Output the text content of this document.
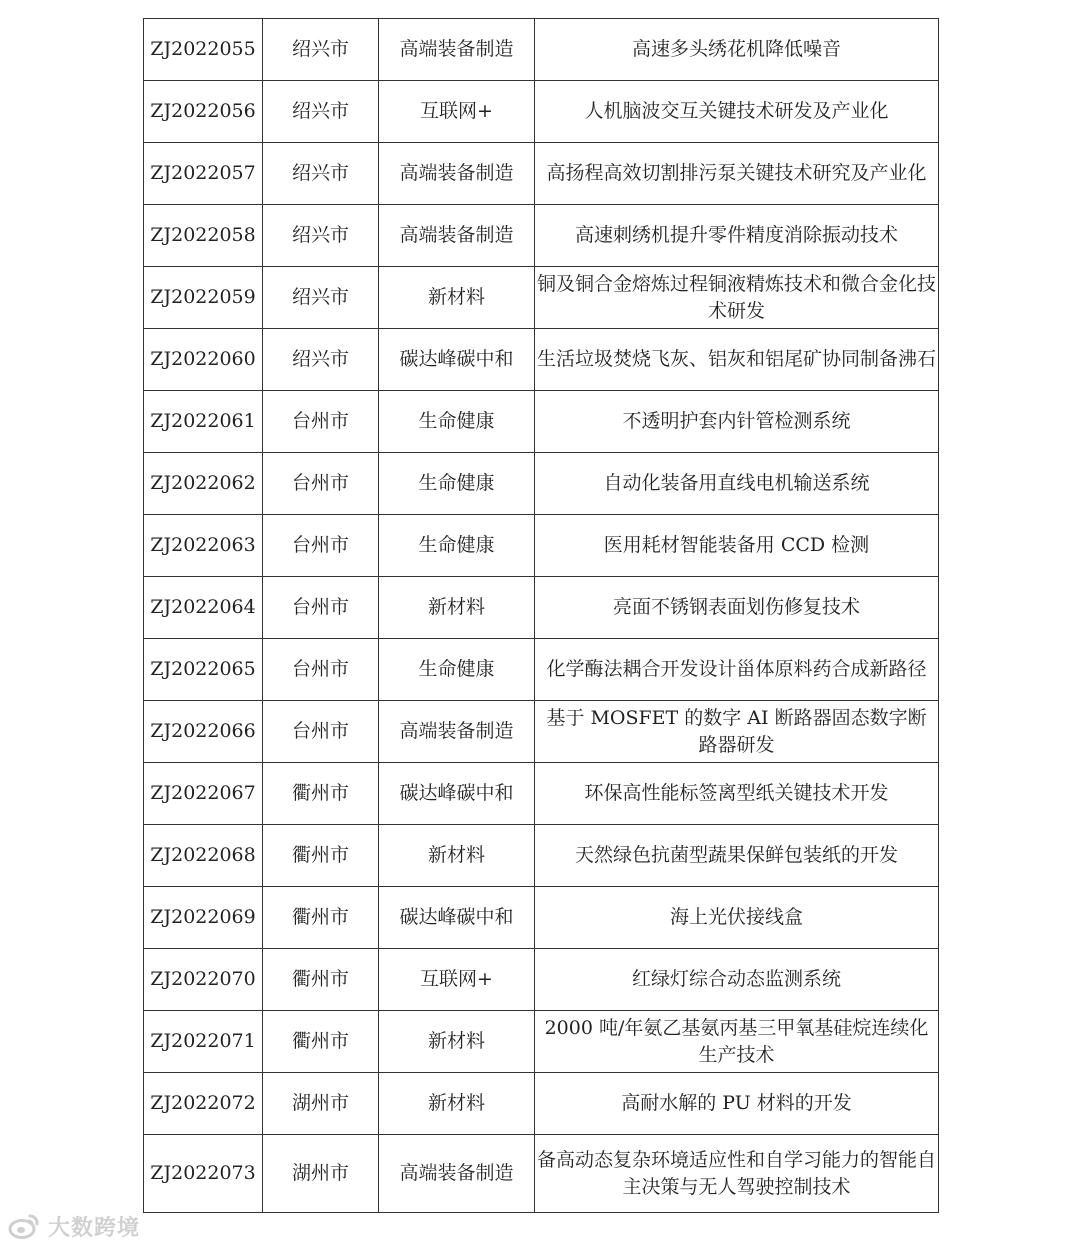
ZJ2022055	绍兴市	高端装备制造	高速多头绣花机降低噪音
ZJ2022056	绍兴市	互联网+	人机脑波交互关键技术研发及产业化
ZJ2022057	绍兴市	高端装备制造	高扬程高效切割排污泵关键技术研究及产业化
ZJ2022058	绍兴市	高端装备制造	高速刺绣机提升零件精度消除振动技术
ZJ2022059	绍兴市	新材料	铜及铜合金熔炼过程铜液精炼技术和微合金化技术研发
ZJ2022060	绍兴市	碳达峰碳中和	生活垃圾焚烧飞灰、铝灰和铝尾矿协同制备沸石
ZJ2022061	台州市	生命健康	不透明护套内针管检测系统
ZJ2022062	台州市	生命健康	自动化装备用直线电机输送系统
ZJ2022063	台州市	生命健康	医用耗材智能装备用 CCD 检测
ZJ2022064	台州市	新材料	亮面不锈钢表面划伤修复技术
ZJ2022065	台州市	生命健康	化学酶法耦合开发设计甾体原料药合成新路径
ZJ2022066	台州市	高端装备制造	基于 MOSFET 的数字 AI 断路器固态数字断路器研发
ZJ2022067	衢州市	碳达峰碳中和	环保高性能标签离型纸关键技术开发
ZJ2022068	衢州市	新材料	天然绿色抗菌型蔬果保鲜包装纸的开发
ZJ2022069	衢州市	碳达峰碳中和	海上光伏接线盒
ZJ2022070	衢州市	互联网+	红绿灯综合动态监测系统
ZJ2022071	衢州市	新材料	2000 吨/年氨乙基氨丙基三甲氧基硅烷连续化生产技术
ZJ2022072	湖州市	新材料	高耐水解的 PU 材料的开发
ZJ2022073	湖州市	高端装备制造	备高动态复杂环境适应性和自学习能力的智能自主决策与无人驾驶控制技术
大数跨境
